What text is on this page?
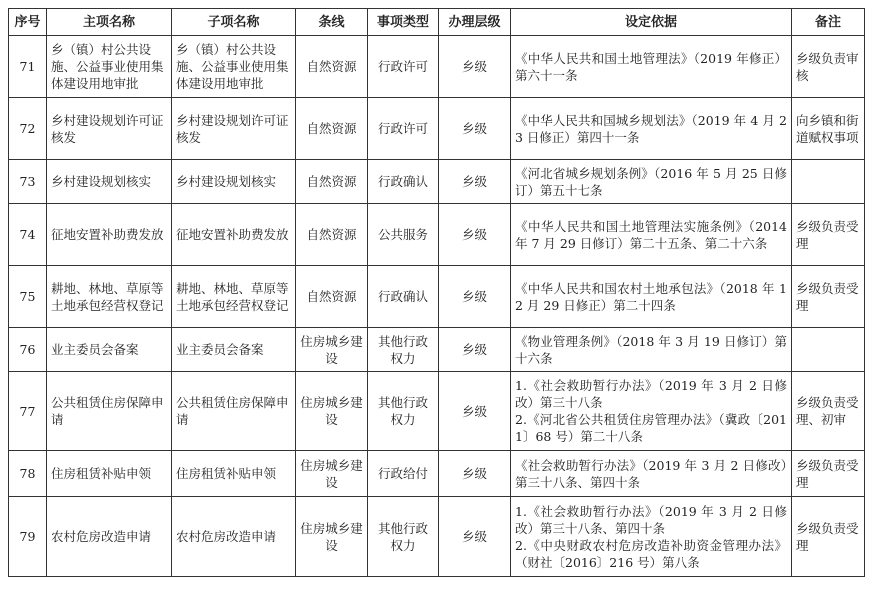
序号	主项名称	子项名称	条线	事项类型	办理层级	设定依据	备注
71	乡（镇）村公共设施、公益事业使用集体建设用地审批	乡（镇）村公共设施、公益事业使用集体建设用地审批	自然资源	行政许可	乡级	《中华人民共和国土地管理法》（2019 年修正）第六十一条	乡级负责审核
72	乡村建设规划许可证核发	乡村建设规划许可证核发	自然资源	行政许可	乡级	《中华人民共和国城乡规划法》（2019 年 4 月 23 日修正）第四十一条	向乡镇和街道赋权事项
73	乡村建设规划核实	乡村建设规划核实	自然资源	行政确认	乡级	《河北省城乡规划条例》（2016 年 5 月 25 日修订）第五十七条	

74	征地安置补助费发放	征地安置补助费发放	自然资源	公共服务	乡级	《中华人民共和国土地管理法实施条例》（2014 年 7 月 29 日修订）第二十五条、第二十六条	乡级负责受理
75	耕地、林地、草原等土地承包经营权登记	耕地、林地、草原等土地承包经营权登记	自然资源	行政确认	乡级	《中华人民共和国农村土地承包法》（2018 年 12 月 29 日修正）第二十四条	乡级负责受理
76	业主委员会备案	业主委员会备案	住房城乡建设	其他行政权力	乡级	《物业管理条例》（2018 年 3 月 19 日修订）第十六条	

77	公共租赁住房保障申请	公共租赁住房保障申请	住房城乡建设	其他行政权力	乡级	1.《社会救助暂行办法》（2019 年 3 月 2 日修改）第三十八条
2.《河北省公共租赁住房管理办法》（冀政〔2011〕68 号）第二十八条	乡级负责受理、初审
78	住房租赁补贴申领	住房租赁补贴申领	住房城乡建设	行政给付	乡级	《社会救助暂行办法》（2019 年 3 月 2 日修改）第三十八条、第四十条	乡级负责受理
79	农村危房改造申请	农村危房改造申请	住房城乡建设	其他行政权力	乡级	1.《社会救助暂行办法》（2019 年 3 月 2 日修改）第三十八条、第四十条
2.《中央财政农村危房改造补助资金管理办法》（财社〔2016〕216 号）第八条	乡级负责受理
